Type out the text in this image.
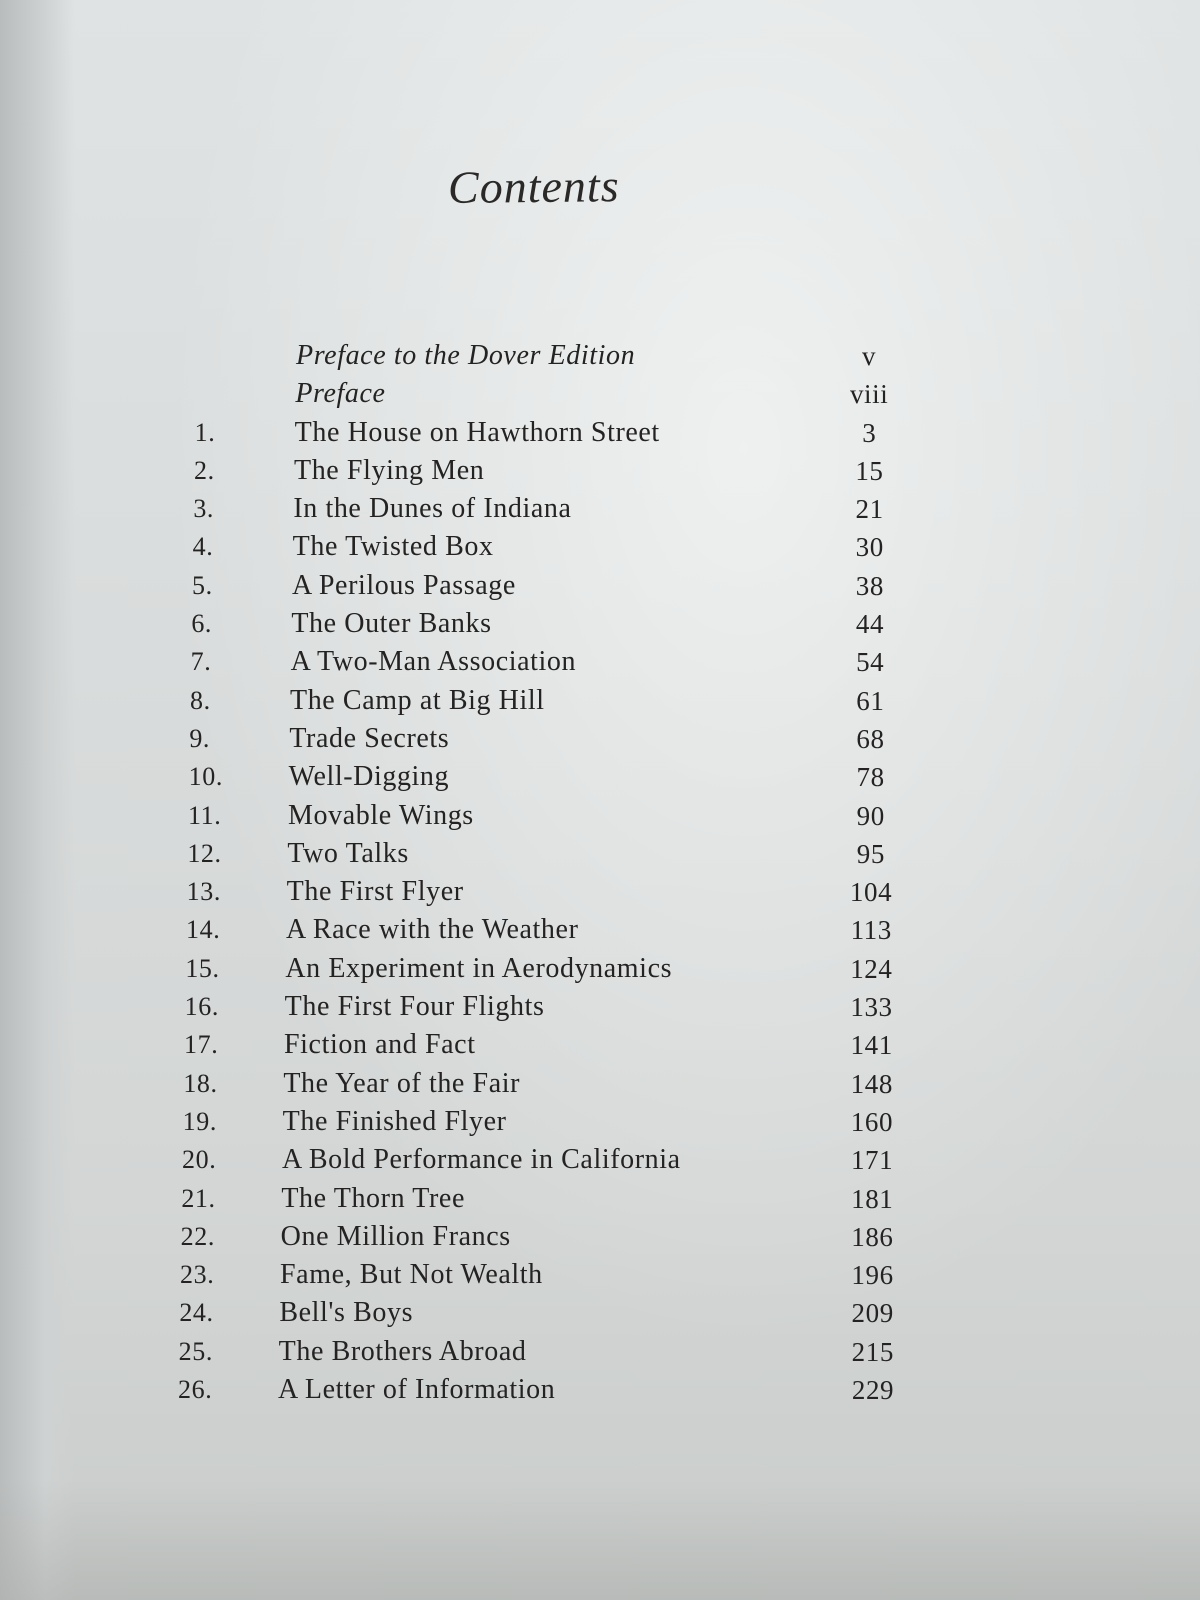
Contents
Preface to the Dover Edition	v
Preface	viii
1.	The House on Hawthorn Street	3
2.	The Flying Men	15
3.	In the Dunes of Indiana	21
4.	The Twisted Box	30
5.	A Perilous Passage	38
6.	The Outer Banks	44
7.	A Two-Man Association	54
8.	The Camp at Big Hill	61
9.	Trade Secrets	68
10.	Well-Digging	78
11.	Movable Wings	90
12.	Two Talks	95
13.	The First Flyer	104
14.	A Race with the Weather	113
15.	An Experiment in Aerodynamics	124
16.	The First Four Flights	133
17.	Fiction and Fact	141
18.	The Year of the Fair	148
19.	The Finished Flyer	160
20.	A Bold Performance in California	171
21.	The Thorn Tree	181
22.	One Million Francs	186
23.	Fame, But Not Wealth	196
24.	Bell's Boys	209
25.	The Brothers Abroad	215
26.	A Letter of Information	229
